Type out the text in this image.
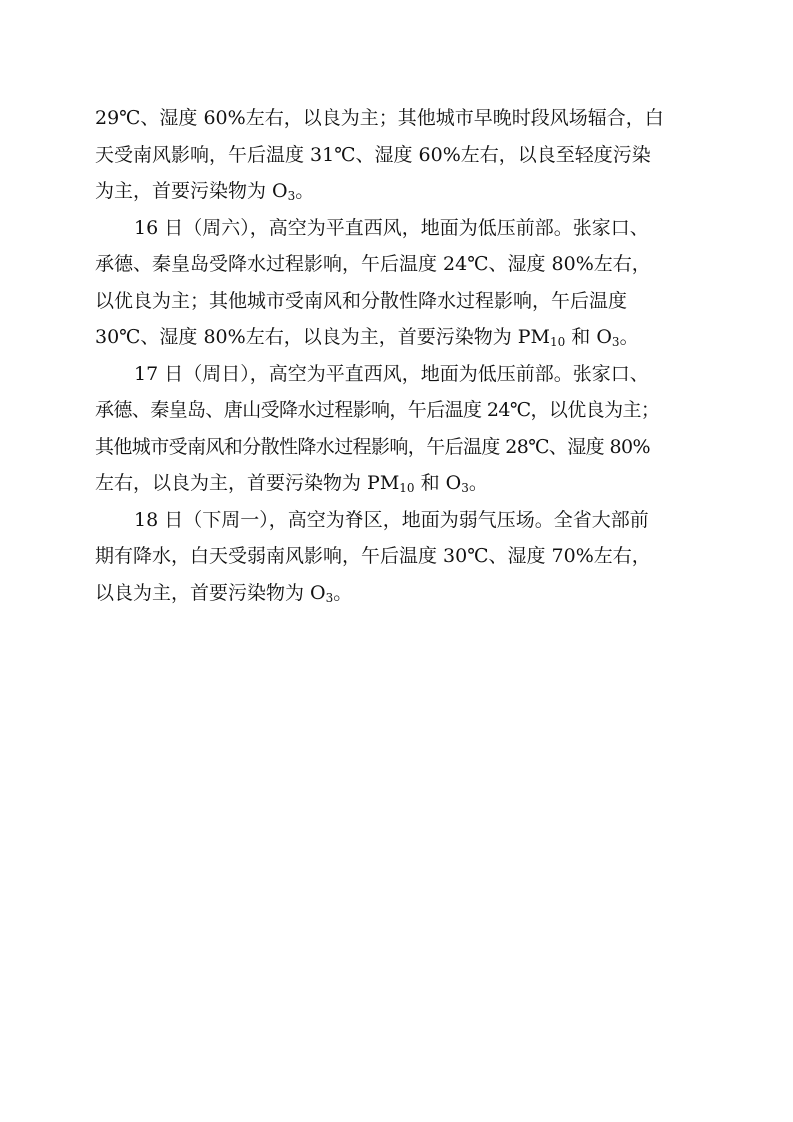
29℃、湿度 60%左右，以良为主；其他城市早晚时段风场辐合，白
天受南风影响，午后温度 31℃、湿度 60%左右，以良至轻度污染
为主，首要污染物为 $O_3$。
16 日（周六），高空为平直西风，地面为低压前部。张家口、
承德、秦皇岛受降水过程影响，午后温度 24℃、湿度 80%左右，
以优良为主；其他城市受南风和分散性降水过程影响，午后温度
30℃、湿度 80%左右，以良为主，首要污染物为 $PM_{10}$ 和 $O_3$。
17 日（周日），高空为平直西风，地面为低压前部。张家口、
承德、秦皇岛、唐山受降水过程影响，午后温度 24℃，以优良为主；
其他城市受南风和分散性降水过程影响，午后温度 28℃、湿度 80%
左右，以良为主，首要污染物为 $PM_{10}$ 和 $O_3$。
18 日（下周一），高空为脊区，地面为弱气压场。全省大部前
期有降水，白天受弱南风影响，午后温度 30℃、湿度 70%左右，
以良为主，首要污染物为 $O_3$。
